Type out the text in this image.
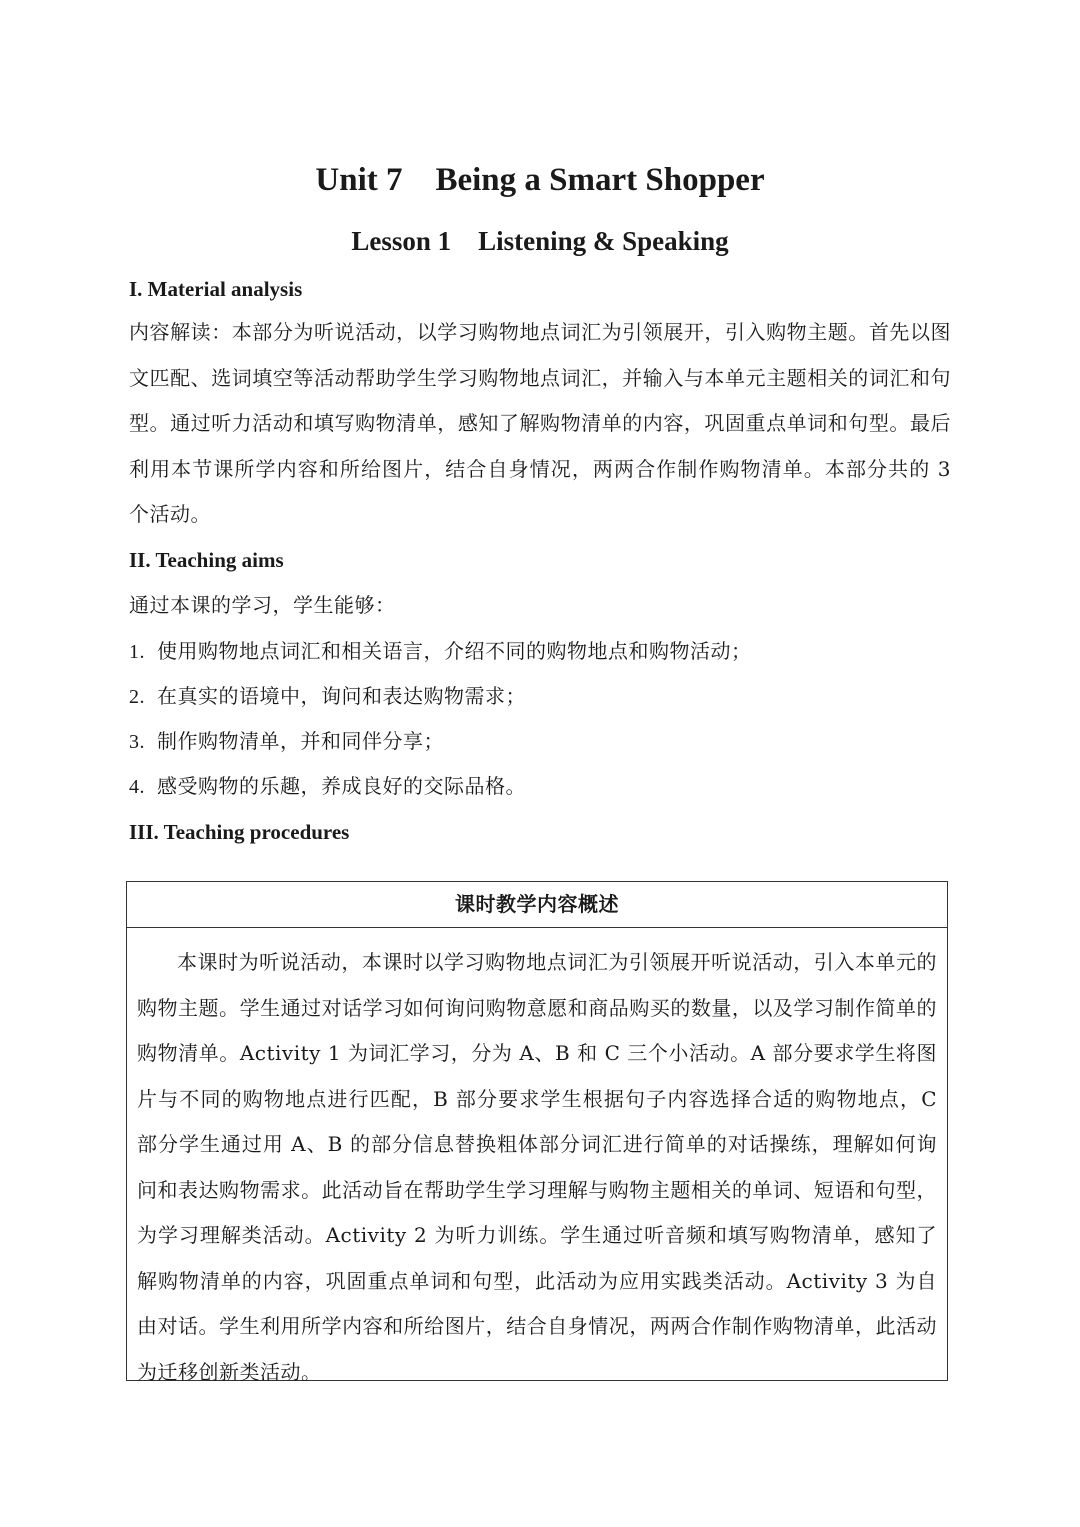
Unit 7    Being a Smart Shopper
Lesson 1    Listening & Speaking
I. Material analysis
内容解读：本部分为听说活动，以学习购物地点词汇为引领展开，引入购物主题。首先以图文匹配、选词填空等活动帮助学生学习购物地点词汇，并输入与本单元主题相关的词汇和句型。通过听力活动和填写购物清单，感知了解购物清单的内容，巩固重点单词和句型。最后利用本节课所学内容和所给图片，结合自身情况，两两合作制作购物清单。本部分共的 3 个活动。
II. Teaching aims
通过本课的学习，学生能够：
1. 使用购物地点词汇和相关语言，介绍不同的购物地点和购物活动；
2. 在真实的语境中，询问和表达购物需求；
3. 制作购物清单，并和同伴分享；
4. 感受购物的乐趣，养成良好的交际品格。
III. Teaching procedures
课时教学内容概述
本课时为听说活动，本课时以学习购物地点词汇为引领展开听说活动，引入本单元的购物主题。学生通过对话学习如何询问购物意愿和商品购买的数量，以及学习制作简单的购物清单。Activity 1 为词汇学习，分为 A、B 和 C 三个小活动。A 部分要求学生将图片与不同的购物地点进行匹配，B 部分要求学生根据句子内容选择合适的购物地点，C 部分学生通过用 A、B 的部分信息替换粗体部分词汇进行简单的对话操练，理解如何询问和表达购物需求。此活动旨在帮助学生学习理解与购物主题相关的单词、短语和句型，为学习理解类活动。Activity 2 为听力训练。学生通过听音频和填写购物清单，感知了解购物清单的内容，巩固重点单词和句型，此活动为应用实践类活动。Activity 3 为自由对话。学生利用所学内容和所给图片，结合自身情况，两两合作制作购物清单，此活动为迁移创新类活动。
